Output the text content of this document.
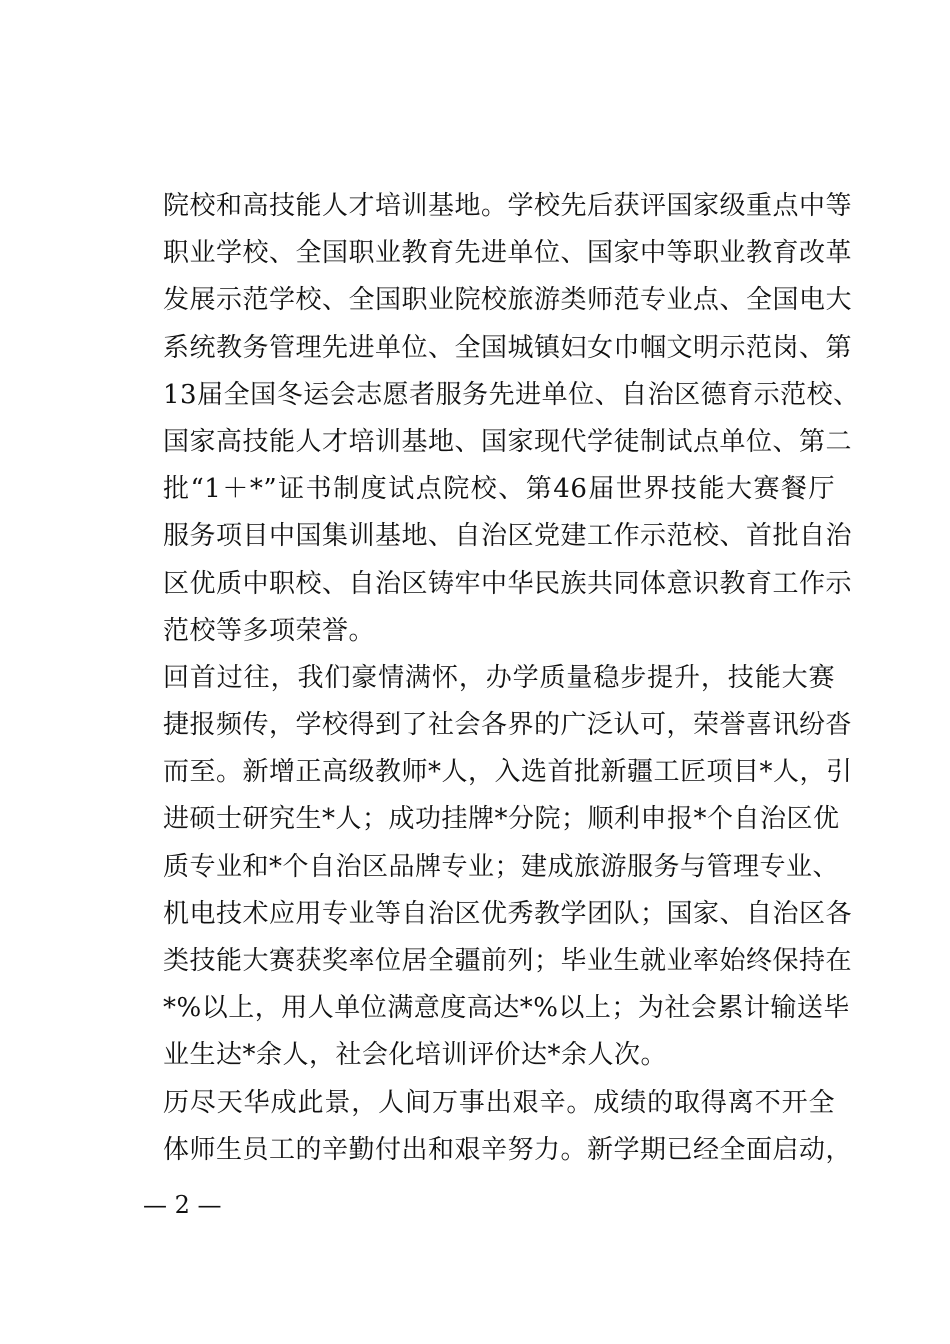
院校和高技能人才培训基地。学校先后获评国家级重点中等
职业学校、全国职业教育先进单位、国家中等职业教育改革
发展示范学校、全国职业院校旅游类师范专业点、全国电大
系统教务管理先进单位、全国城镇妇女巾帼文明示范岗、第
13届全国冬运会志愿者服务先进单位、自治区德育示范校、
国家高技能人才培训基地、国家现代学徒制试点单位、第二
批“1＋*”证书制度试点院校、第46届世界技能大赛餐厅
服务项目中国集训基地、自治区党建工作示范校、首批自治
区优质中职校、自治区铸牢中华民族共同体意识教育工作示
范校等多项荣誉。
回首过往，我们豪情满怀，办学质量稳步提升，技能大赛
捷报频传，学校得到了社会各界的广泛认可，荣誉喜讯纷沓
而至。新增正高级教师*人，入选首批新疆工匠项目*人，引
进硕士研究生*人；成功挂牌*分院；顺利申报*个自治区优
质专业和*个自治区品牌专业；建成旅游服务与管理专业、
机电技术应用专业等自治区优秀教学团队；国家、自治区各
类技能大赛获奖率位居全疆前列；毕业生就业率始终保持在
*%以上，用人单位满意度高达*%以上；为社会累计输送毕
业生达*余人，社会化培训评价达*余人次。
历尽天华成此景，人间万事出艰辛。成绩的取得离不开全
体师生员工的辛勤付出和艰辛努力。新学期已经全面启动，
— 2 —
